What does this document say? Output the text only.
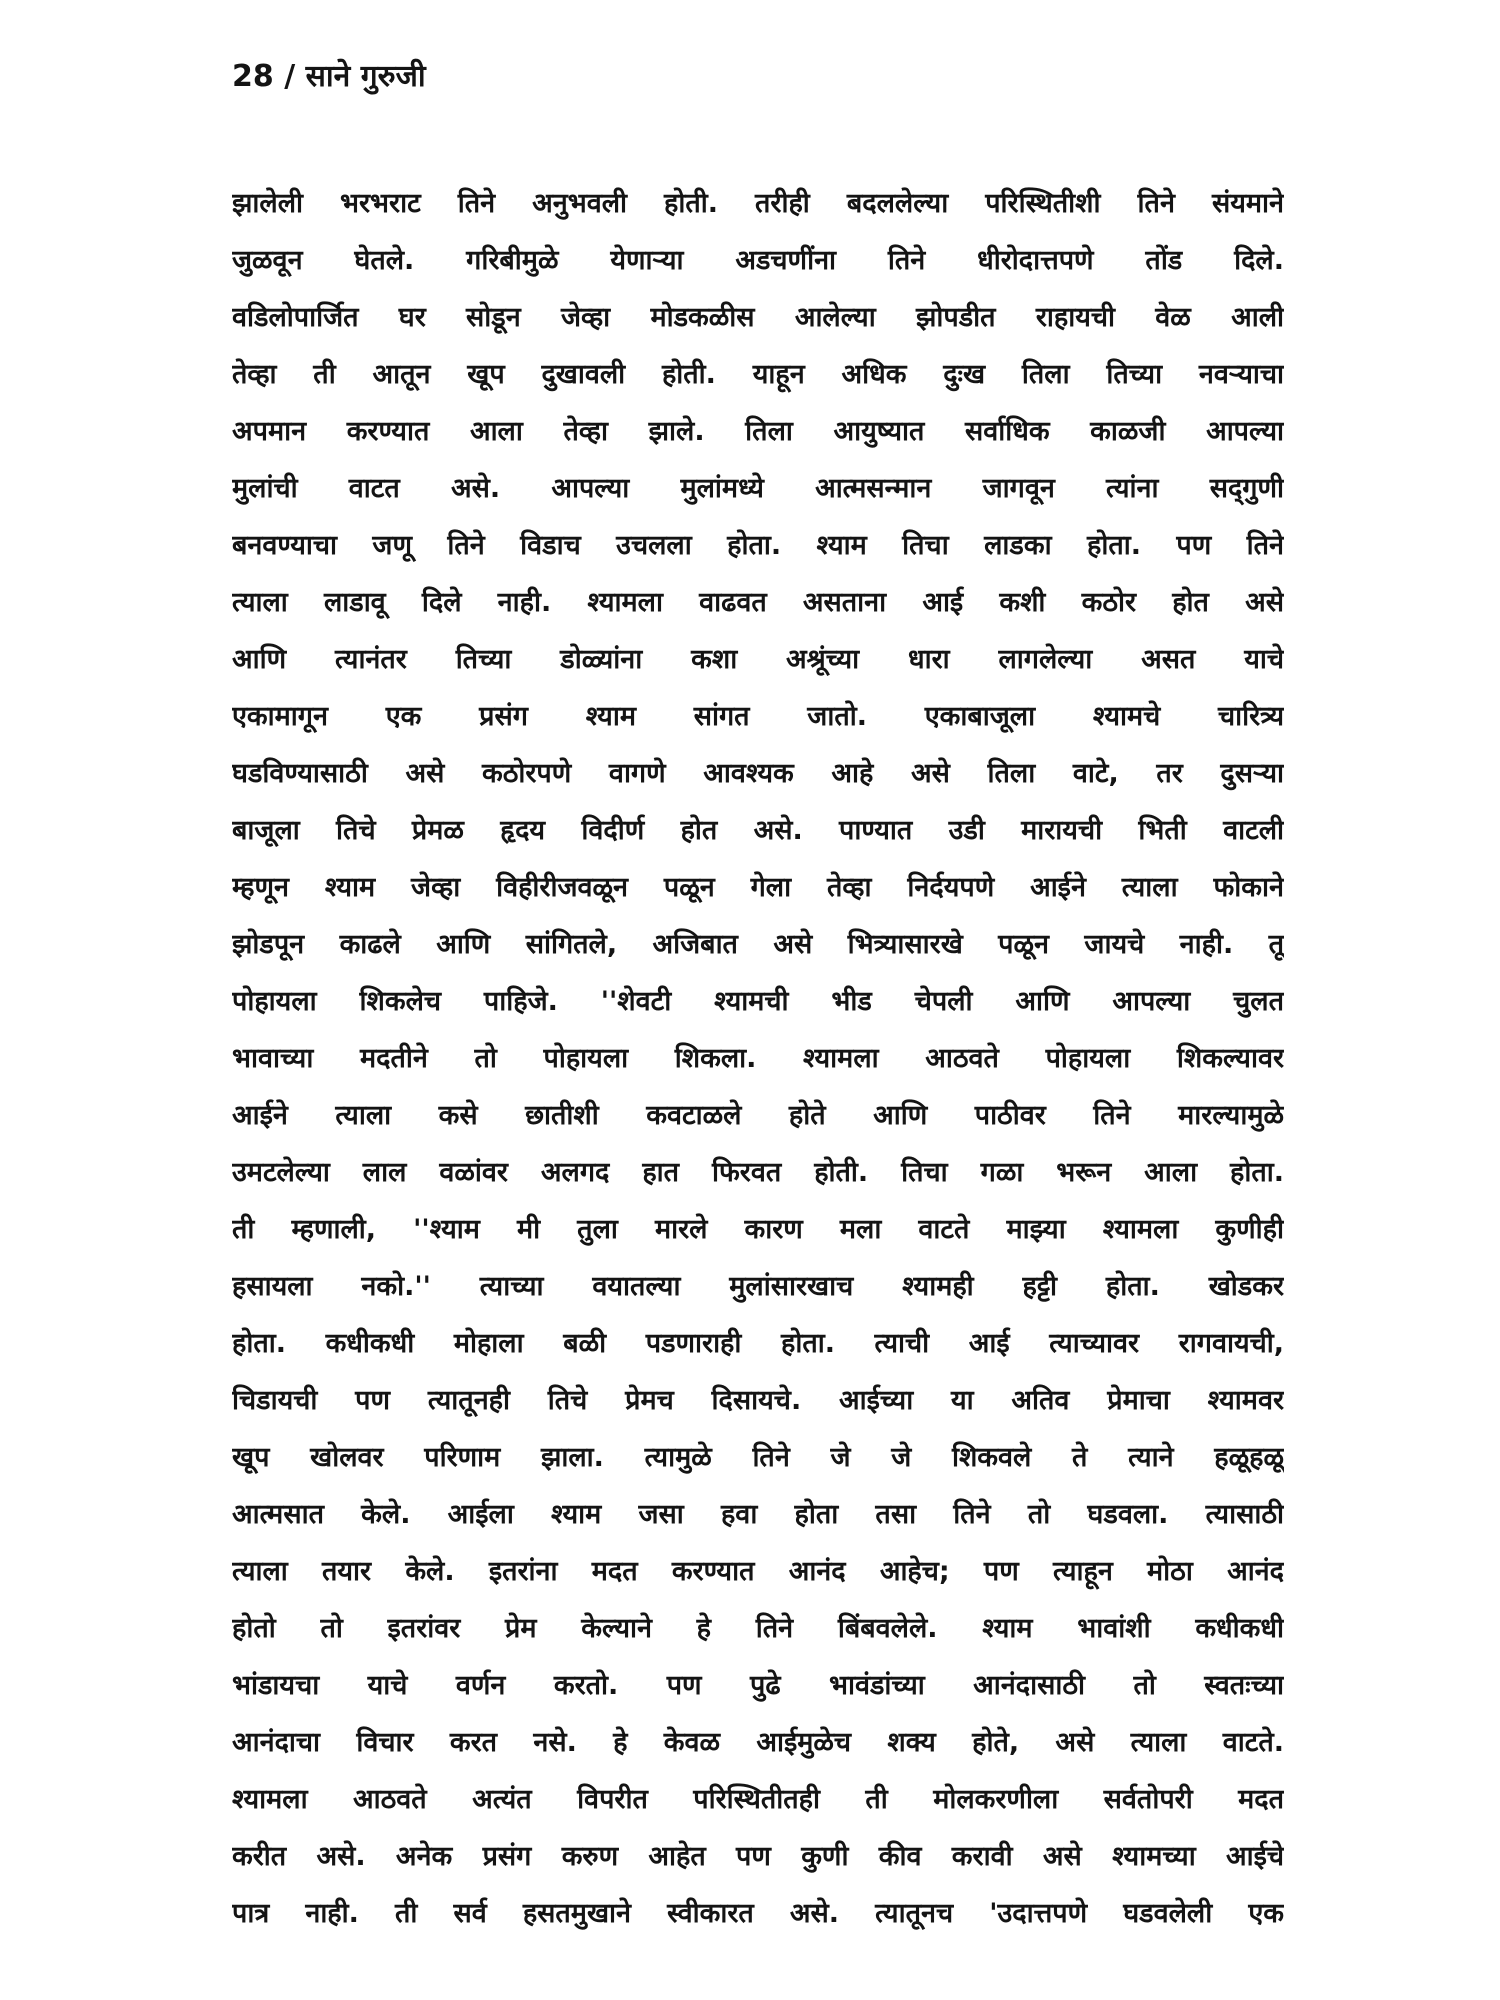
28 / साने गुरुजी
झालेली भरभराट तिने अनुभवली होती. तरीही बदललेल्या परिस्थितीशी तिने संयमाने
जुळवून घेतले. गरिबीमुळे येणाऱ्या अडचणींना तिने धीरोदात्तपणे तोंड दिले.
वडिलोपार्जित घर सोडून जेव्हा मोडकळीस आलेल्या झोपडीत राहायची वेळ आली
तेव्हा ती आतून खूप दुखावली होती. याहून अधिक दुःख तिला तिच्या नवऱ्याचा
अपमान करण्यात आला तेव्हा झाले. तिला आयुष्यात सर्वाधिक काळजी आपल्या
मुलांची वाटत असे. आपल्या मुलांमध्ये आत्मसन्मान जागवून त्यांना सद्‌गुणी
बनवण्याचा जणू तिने विडाच उचलला होता. श्याम तिचा लाडका होता. पण तिने
त्याला लाडावू दिले नाही. श्यामला वाढवत असताना आई कशी कठोर होत असे
आणि त्यानंतर तिच्या डोळ्यांना कशा अश्रूंच्या धारा लागलेल्या असत याचे
एकामागून एक प्रसंग श्याम सांगत जातो. एकाबाजूला श्यामचे चारित्र्य
घडविण्यासाठी असे कठोरपणे वागणे आवश्यक आहे असे तिला वाटे, तर दुसऱ्या
बाजूला तिचे प्रेमळ हृदय विदीर्ण होत असे. पाण्यात उडी मारायची भिती वाटली
म्हणून श्याम जेव्हा विहीरीजवळून पळून गेला तेव्हा निर्दयपणे आईने त्याला फोकाने
झोडपून काढले आणि सांगितले, अजिबात असे भित्र्यासारखे पळून जायचे नाही. तू
पोहायला शिकलेच पाहिजे. ''शेवटी श्यामची भीड चेपली आणि आपल्या चुलत
भावाच्या मदतीने तो पोहायला शिकला. श्यामला आठवते पोहायला शिकल्यावर
आईने त्याला कसे छातीशी कवटाळले होते आणि पाठीवर तिने मारल्यामुळे
उमटलेल्या लाल वळांवर अलगद हात फिरवत होती. तिचा गळा भरून आला होता.
ती म्हणाली, ''श्याम मी तुला मारले कारण मला वाटते माझ्या श्यामला कुणीही
हसायला नको.'' त्याच्या वयातल्या मुलांसारखाच श्यामही हट्टी होता. खोडकर
होता. कधीकधी मोहाला बळी पडणाराही होता. त्याची आई त्याच्यावर रागवायची,
चिडायची पण त्यातूनही तिचे प्रेमच दिसायचे. आईच्या या अतिव प्रेमाचा श्यामवर
खूप खोलवर परिणाम झाला. त्यामुळे तिने जे जे शिकवले ते त्याने हळूहळू
आत्मसात केले. आईला श्याम जसा हवा होता तसा तिने तो घडवला. त्यासाठी
त्याला तयार केले. इतरांना मदत करण्यात आनंद आहेच; पण त्याहून मोठा आनंद
होतो तो इतरांवर प्रेम केल्याने हे तिने बिंबवलेले. श्याम भावांशी कधीकधी
भांडायचा याचे वर्णन करतो. पण पुढे भावंडांच्या आनंदासाठी तो स्वतःच्या
आनंदाचा विचार करत नसे. हे केवळ आईमुळेच शक्य होते, असे त्याला वाटते.
श्यामला आठवते अत्यंत विपरीत परिस्थितीतही ती मोलकरणीला सर्वतोपरी मदत
करीत असे. अनेक प्रसंग करुण आहेत पण कुणी कीव करावी असे श्यामच्या आईचे
पात्र नाही. ती सर्व हसतमुखाने स्वीकारत असे. त्यातूनच 'उदात्तपणे घडवलेली एक
